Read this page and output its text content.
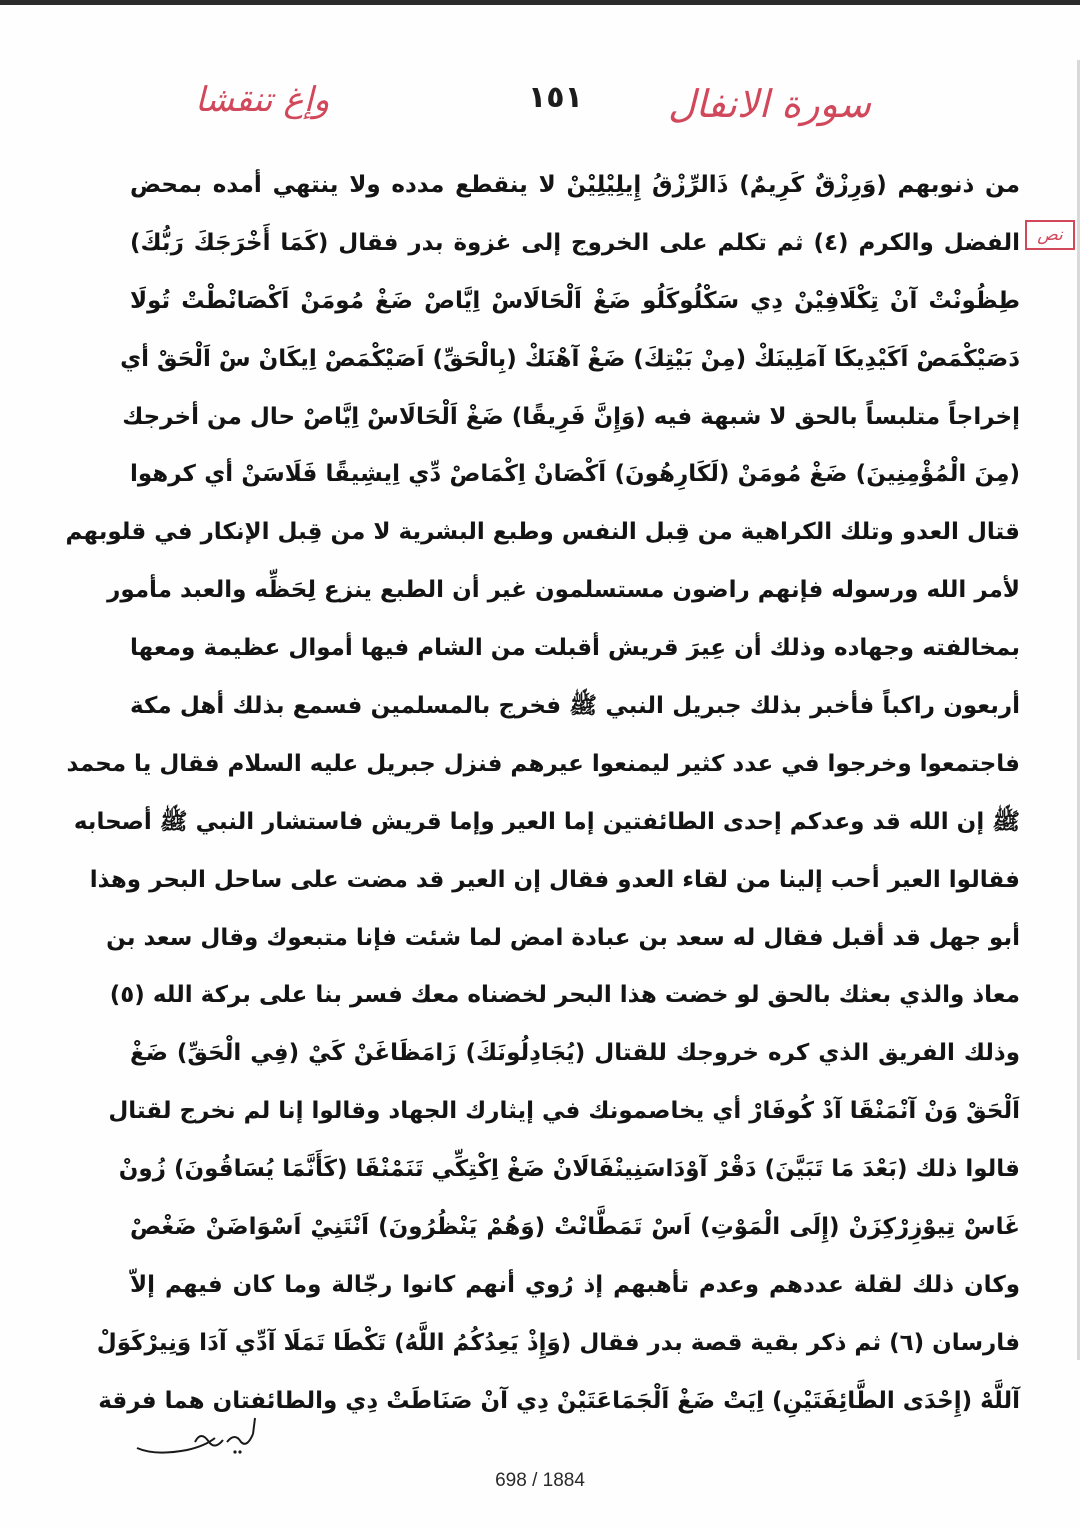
وإغ تنقشا	١٥١ سورة الانفال
نص
من ذنوبهم (وَرِزْقٌ كَرِيمٌ) ذَالرِّزْقُ إِيلِيْلِيْنْ لا ينقطع مدده ولا ينتهي أمده بمحض
الفضل والكرم (٤) ثم تكلم على الخروج إلى غزوة بدر فقال (كَمَا أَخْرَجَكَ رَبُّكَ)
طِظُونْتْ آنْ تِكْلَافِيْنْ دِي سَكْلُوكَلُو ضَغْ اَلْحَالَاسْ اِيَّاصْ ضَغْ مُومَنْ اَكْصَانْطْتْ تُولَا
دَصَيْكْمَصْ اَكَيْدِيكَا آمَلِينَكْ (مِنْ بَيْتِكَ) ضَغْ آهْنَكْ (بِالْحَقِّ) اَصَيْكْمَصْ اِيكَانْ سْ اَلْحَقْ أي
إخراجاً متلبساً بالحق لا شبهة فيه (وَإِنَّ فَرِيقًا) ضَغْ اَلْحَالَاسْ اِيَّاصْ حال من أخرجك
(مِنَ الْمُؤْمِنِينَ) ضَغْ مُومَنْ (لَكَارِهُونَ) اَكْصَانْ اِكْمَاصْ دِّي اِيشِيقًا فَلَاسَنْ أي كرهوا
قتال العدو وتلك الكراهية من قِبل النفس وطبع البشرية لا من قِبل الإنكار في قلوبهم
لأمر الله ورسوله فإنهم راضون مستسلمون غير أن الطبع ينزع لِحَظِّه والعبد مأمور
بمخالفته وجهاده وذلك أن عِيرَ قريش أقبلت من الشام فيها أموال عظيمة ومعها
أربعون راكباً فأخبر بذلك جبريل النبي ﷺ فخرج بالمسلمين فسمع بذلك أهل مكة
فاجتمعوا وخرجوا في عدد كثير ليمنعوا عيرهم فنزل جبريل عليه السلام فقال يا محمد
ﷺ إن الله قد وعدكم إحدى الطائفتين إما العير وإما قريش فاستشار النبي ﷺ أصحابه
فقالوا العير أحب إلينا من لقاء العدو فقال إن العير قد مضت على ساحل البحر وهذا
أبو جهل قد أقبل فقال له سعد بن عبادة امض لما شئت فإنا متبعوك وقال سعد بن
معاذ والذي بعثك بالحق لو خضت هذا البحر لخضناه معك فسر بنا على بركة الله (٥)
وذلك الفريق الذي كره خروجك للقتال (يُجَادِلُونَكَ) زَامَظَاغَنْ كَيْ (فِي الْحَقِّ) ضَغْ
اَلْحَقْ وَنْ آنْمَنْقَا آدْ كُوفَارْ أي يخاصمونك في إيثارك الجهاد وقالوا إنا لم نخرج لقتال
قالوا ذلك (بَعْدَ مَا تَبَيَّنَ) دَقْرْ آوْدَاسَنِينْفَالَانْ ضَغْ اِكْتِكِّي تَنَمْنْقَا (كَأَنَّمَا يُسَاقُونَ) زُونْ
غَاسْ تِيوْزِرْكِزَنْ (إِلَى الْمَوْتِ) اَسْ تَمَطَّانْتْ (وَهُمْ يَنْظُرُونَ) اَنْتَنِيْ اَسْوَاضَنْ ضَغْصْ
وكان ذلك لقلة عددهم وعدم تأهبهم إذ رُوي أنهم كانوا رجّالة وما كان فيهم إلاّ
فارسان (٦) ثم ذكر بقية قصة بدر فقال (وَإِذْ يَعِدُكُمُ اللَّهُ) تَكْطَا تَمَلَا آدِّي آدَا وَنِيرْكَوَلْ
آللَّهْ (إِحْدَى الطَّائِفَتَيْنِ) اِيَتْ ضَغْ اَلْجَمَاعَتَيْنْ دِي آنْ صَنَاطَتْ دِي والطائفتان هما فرقة
698 / 1884
